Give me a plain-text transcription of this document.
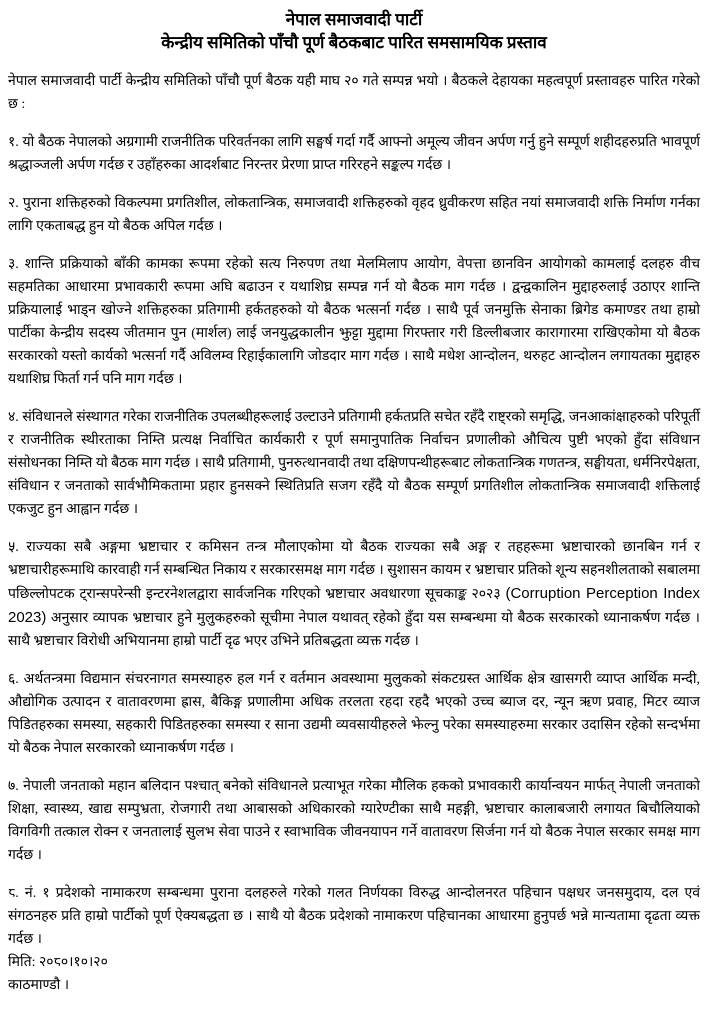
नेपाल समाजवादी पार्टी

केन्द्रीय समितिको पाँचौ पूर्ण बैठकबाट पारित समसामयिक प्रस्ताव

नेपाल समाजवादी पार्टी केन्द्रीय समितिको पाँचौ पूर्ण बैठक यही माघ २० गते सम्पन्न भयो । बैठकले देहायका महत्वपूर्ण प्रस्तावहरु पारित गरेको छ :

१. यो बैठक नेपालको अग्रगामी राजनीतिक परिवर्तनका लागि सङ्घर्ष गर्दा गर्दै आफ्नो अमूल्य जीवन अर्पण गर्नु हुने सम्पूर्ण शहीदहरुप्रति भावपूर्ण श्रद्धाञ्जली अर्पण गर्दछ र उहाँहरुका आदर्शबाट निरन्तर प्रेरणा प्राप्त गरिरहने सङ्कल्प गर्दछ ।

२. पुराना शक्तिहरुको विकल्पमा प्रगतिशील, लोकतान्त्रिक, समाजवादी शक्तिहरुको वृहद ध्रुवीकरण सहित नयां समाजवादी शक्ति निर्माण गर्नका लागि एकताबद्ध हुन यो बैठक अपिल गर्दछ ।

३. शान्ति प्रक्रियाको बाँकी कामका रूपमा रहेको सत्य निरुपण तथा मेलमिलाप आयोग, वेपत्ता छानविन आयोगको कामलाई दलहरु वीच सहमतिका आधारमा प्रभावकारी रूपमा अघि बढाउन र यथाशिघ्र सम्पन्न गर्न यो बैठक माग गर्दछ । द्वन्द्वकालिन मुद्दाहरुलाई उठाएर शान्ति प्रक्रियालाई भाड्न खोज्ने शक्तिहरुका प्रतिगामी हर्कतहरुको यो बैठक भत्सर्ना गर्दछ । साथै पूर्व जनमुक्ति सेनाका ब्रिगेड कमाण्डर तथा हाम्रो पार्टीका केन्द्रीय सदस्य जीतमान पुन (मार्शल) लाई जनयुद्धकालीन झुट्टा मुद्दामा गिरफ्तार गरी डिल्लीबजार कारागारमा राखिएकोमा यो बैठक सरकारको यस्तो कार्यको भत्सर्ना गर्दै अविलम्व रिहाईकालागि जोडदार माग गर्दछ । साथै मधेश आन्दोलन, थरुहट आन्दोलन लगायतका मुद्दाहरु यथाशिघ्र फिर्ता गर्न पनि माग गर्दछ ।

४. संविधानले संस्थागत गरेका राजनीतिक उपलब्धीहरूलाई उल्टाउने प्रतिगामी हर्कतप्रति सचेत रहँदै राष्ट्रको समृद्धि, जनआकांक्षाहरुको परिपूर्ती र राजनीतिक स्थीरताका निम्ति प्रत्यक्ष निर्वाचित कार्यकारी र पूर्ण समानुपातिक निर्वाचन प्रणालीको औचित्य पुष्टी भएको हुँदा संविधान संसोधनका निम्ति यो बैठक माग गर्दछ । साथै प्रतिगामी, पुनरुत्थानवादी तथा दक्षिणपन्थीहरूबाट लोकतान्त्रिक गणतन्त्र, सङ्घीयता, धर्मनिरपेक्षता, संविधान र जनताको सार्वभौमिकतामा प्रहार हुनसक्ने स्थितिप्रति सजग रहँदै यो बैठक सम्पूर्ण प्रगतिशील लोकतान्त्रिक समाजवादी शक्तिलाई एकजुट हुन आह्वान गर्दछ ।

५. राज्यका सबै अङ्गमा भ्रष्टाचार र कमिसन तन्त्र मौलाएकोमा यो बैठक राज्यका सबै अङ्ग र तहहरूमा भ्रष्टाचारको छानबिन गर्न र भ्रष्टाचारीहरूमाथि कारवाही गर्न सम्बन्धित निकाय र सरकारसमक्ष माग गर्दछ । सुशासन कायम र भ्रष्टाचार प्रतिको शून्य सहनशीलताको सबालमा पछिल्लोपटक ट्रान्सपरेन्सी इन्टरनेशलद्वारा सार्वजनिक गरिएको भ्रष्टाचार अवधारणा सूचकाङ्क २०२३ (Corruption Perception Index 2023) अनुसार व्यापक भ्रष्टाचार हुने मुलुकहरुको सूचीमा नेपाल यथावत् रहेको हुँदा यस सम्बन्धमा यो बैठक सरकारको ध्यानाकर्षण गर्दछ । साथै भ्रष्टाचार विरोधी अभियानमा हाम्रो पार्टी दृढ भएर उभिने प्रतिबद्धता व्यक्त गर्दछ ।

६. अर्थतन्त्रमा विद्यमान संचरनागत समस्याहरु हल गर्न र वर्तमान अवस्थामा मुलुकको संकटग्रस्त आर्थिक क्षेत्र खासगरी व्याप्त आर्थिक मन्दी, औद्योगिक उत्पादन र वातावरणमा ह्रास, बैकिङ्ग प्रणालीमा अधिक तरलता रहदा रहदै भएको उच्च ब्याज दर, न्यून ऋण प्रवाह, मिटर व्याज पिडितहरुका समस्या, सहकारी पिडितहरुका समस्या र साना उद्यमी व्यवसायीहरुले झेल्नु परेका समस्याहरुमा सरकार उदासिन रहेको सन्दर्भमा यो बैठक नेपाल सरकारको ध्यानाकर्षण गर्दछ ।

७. नेपाली जनताको महान बलिदान पश्चात् बनेको संविधानले प्रत्याभूत गरेका मौलिक हकको प्रभावकारी कार्यान्वयन मार्फत् नेपाली जनताको शिक्षा, स्वास्थ्य, खाद्य सम्पुभ्रता, रोजगारी तथा आबासको अधिकारको ग्यारेण्टीका साथै महङ्गी, भ्रष्टाचार कालाबजारी लगायत बिचौलियाको विगविगी तत्काल रोक्न र जनतालाई सुलभ सेवा पाउने र स्वाभाविक जीवनयापन गर्ने वातावरण सिर्जना गर्न यो बैठक नेपाल सरकार समक्ष माग गर्दछ ।

८. नं. १ प्रदेशको नामाकरण सम्बन्धमा पुराना दलहरुले गरेको गलत निर्णयका विरुद्ध आन्दोलनरत पहिचान पक्षधर जनसमुदाय, दल एवं संगठनहरु प्रति हाम्रो पार्टीको पूर्ण ऐक्यबद्धता छ । साथै यो बैठक प्रदेशको नामाकरण पहिचानका आधारमा हुनुपर्छ भन्ने मान्यतामा दृढता व्यक्त गर्दछ ।

मिति: २०८०।१०।२०

काठमाण्डौ ।
